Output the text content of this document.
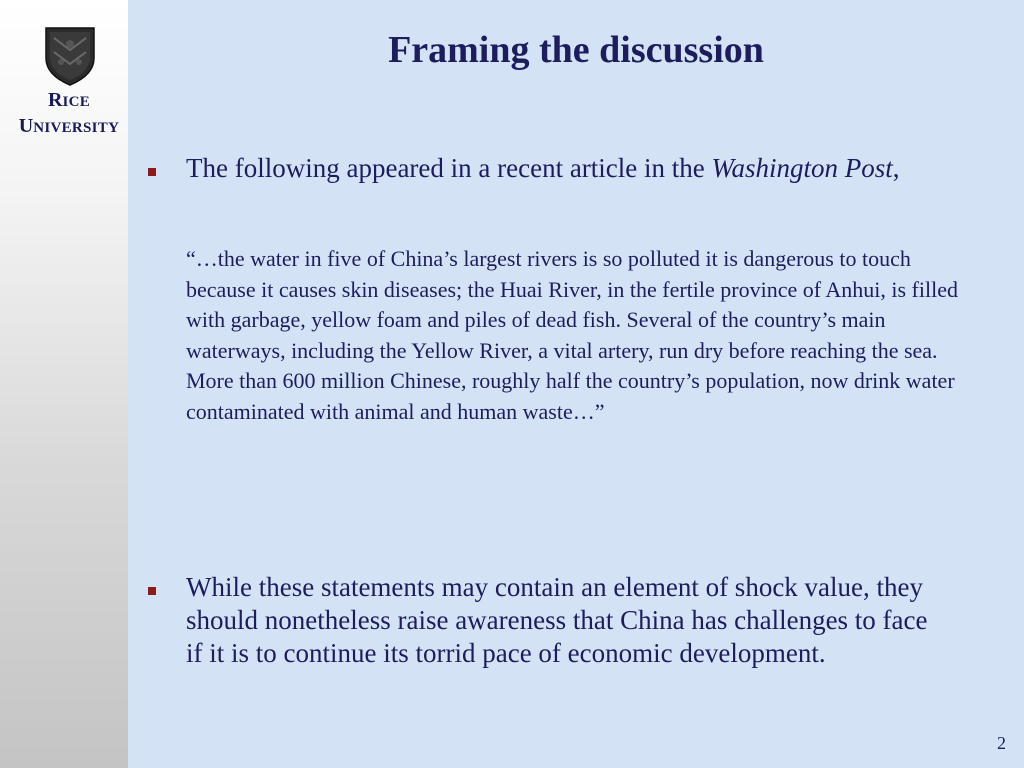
RICE
UNIVERSITY
Framing the discussion
The following appeared in a recent article in the Washington Post,

“…the water in five of China’s largest rivers is so polluted it is dangerous to touch because it causes skin diseases; the Huai River, in the fertile province of Anhui, is filled with garbage, yellow foam and piles of dead fish. Several of the country’s main waterways, including the Yellow River, a vital artery, run dry before reaching the sea. More than 600 million Chinese, roughly half the country’s population, now drink water contaminated with animal and human waste…”

While these statements may contain an element of shock value, they should nonetheless raise awareness that China has challenges to face if it is to continue its torrid pace of economic development.
2
